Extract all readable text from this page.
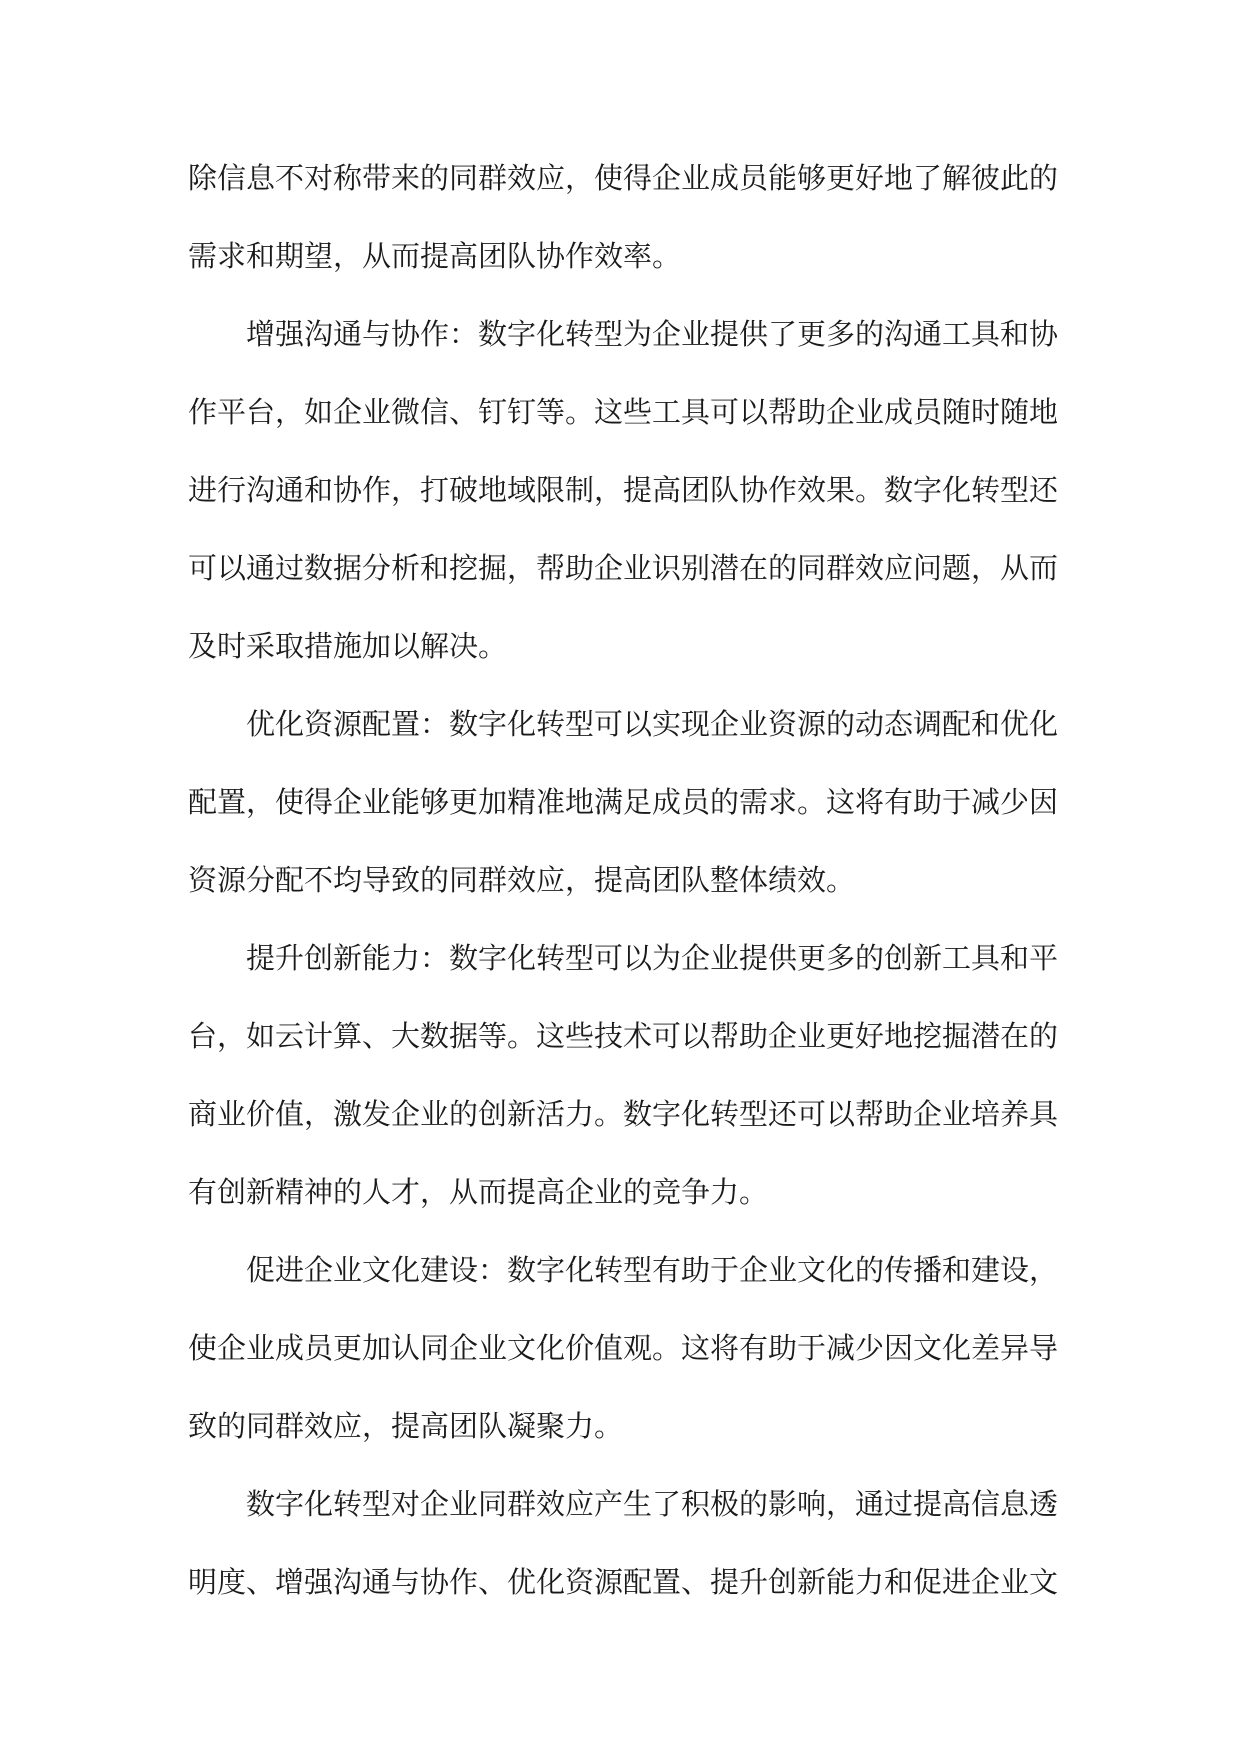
除信息不对称带来的同群效应，使得企业成员能够更好地了解彼此的
需求和期望，从而提高团队协作效率。
增强沟通与协作：数字化转型为企业提供了更多的沟通工具和协
作平台，如企业微信、钉钉等。这些工具可以帮助企业成员随时随地
进行沟通和协作，打破地域限制，提高团队协作效果。数字化转型还
可以通过数据分析和挖掘，帮助企业识别潜在的同群效应问题，从而
及时采取措施加以解决。
优化资源配置：数字化转型可以实现企业资源的动态调配和优化
配置，使得企业能够更加精准地满足成员的需求。这将有助于减少因
资源分配不均导致的同群效应，提高团队整体绩效。
提升创新能力：数字化转型可以为企业提供更多的创新工具和平
台，如云计算、大数据等。这些技术可以帮助企业更好地挖掘潜在的
商业价值，激发企业的创新活力。数字化转型还可以帮助企业培养具
有创新精神的人才，从而提高企业的竞争力。
促进企业文化建设：数字化转型有助于企业文化的传播和建设，
使企业成员更加认同企业文化价值观。这将有助于减少因文化差异导
致的同群效应，提高团队凝聚力。
数字化转型对企业同群效应产生了积极的影响，通过提高信息透
明度、增强沟通与协作、优化资源配置、提升创新能力和促进企业文
